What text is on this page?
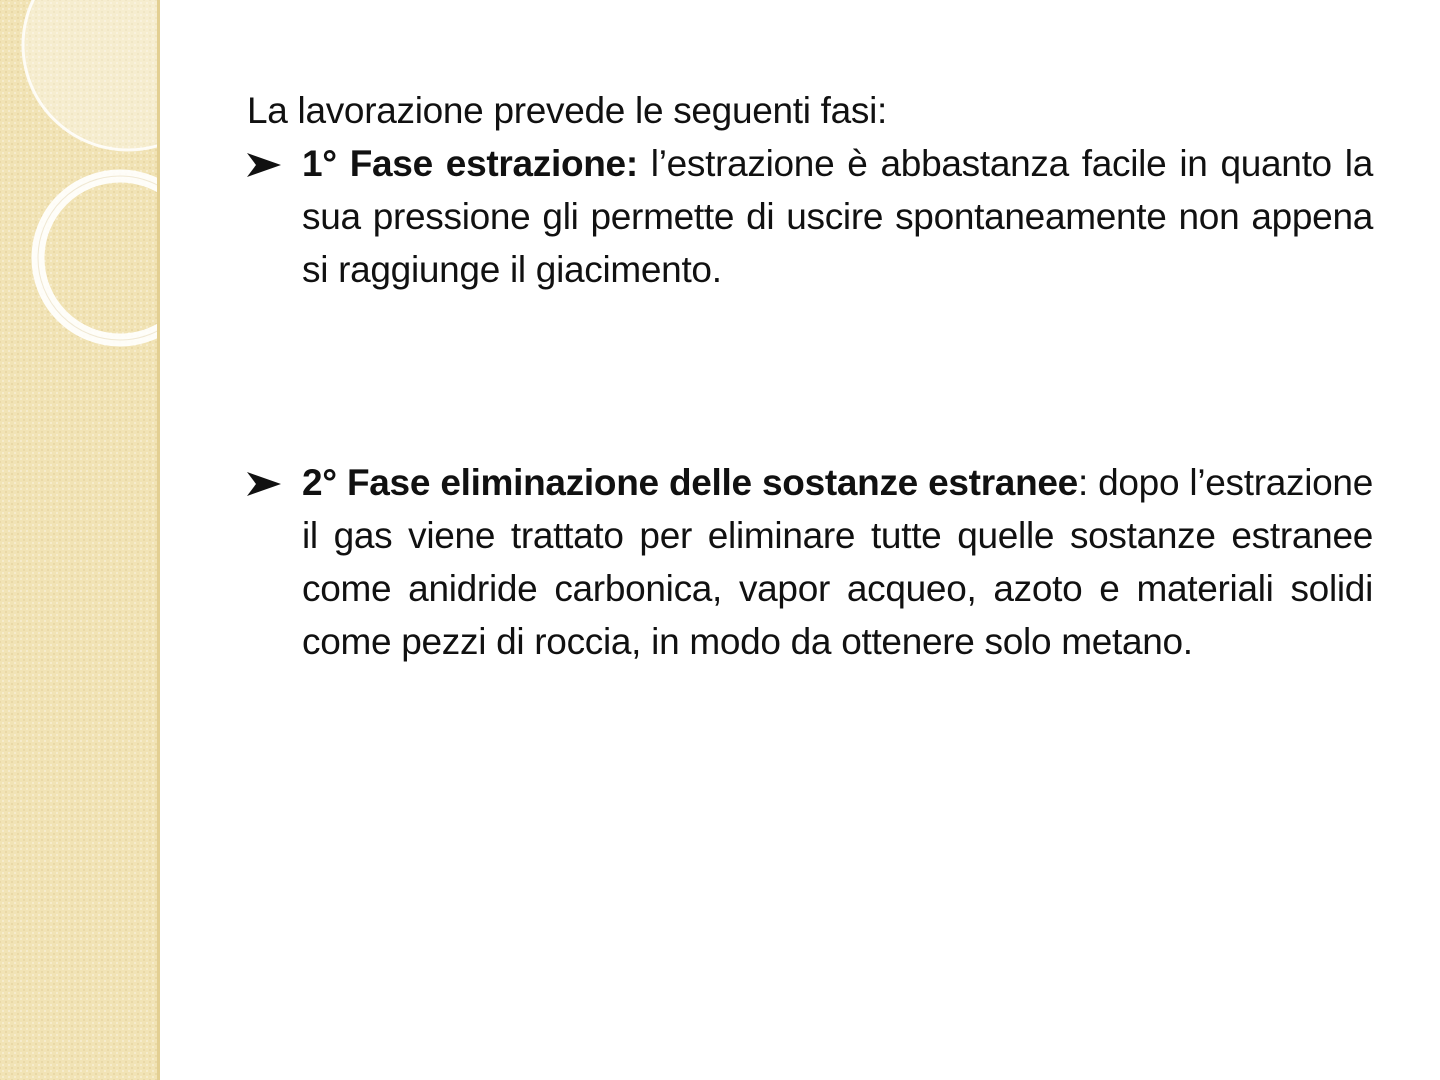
La lavorazione prevede le seguenti fasi:

1° Fase estrazione: l’estrazione è abbastanza facile in quanto la sua pressione gli permette di uscire spontaneamente non appena si raggiunge il giacimento.

2° Fase eliminazione delle sostanze estranee: dopo l’estrazione il gas viene trattato per eliminare tutte quelle sostanze estranee come anidride carbonica, vapor acqueo, azoto e materiali solidi come pezzi di roccia, in modo da ottenere solo metano.
